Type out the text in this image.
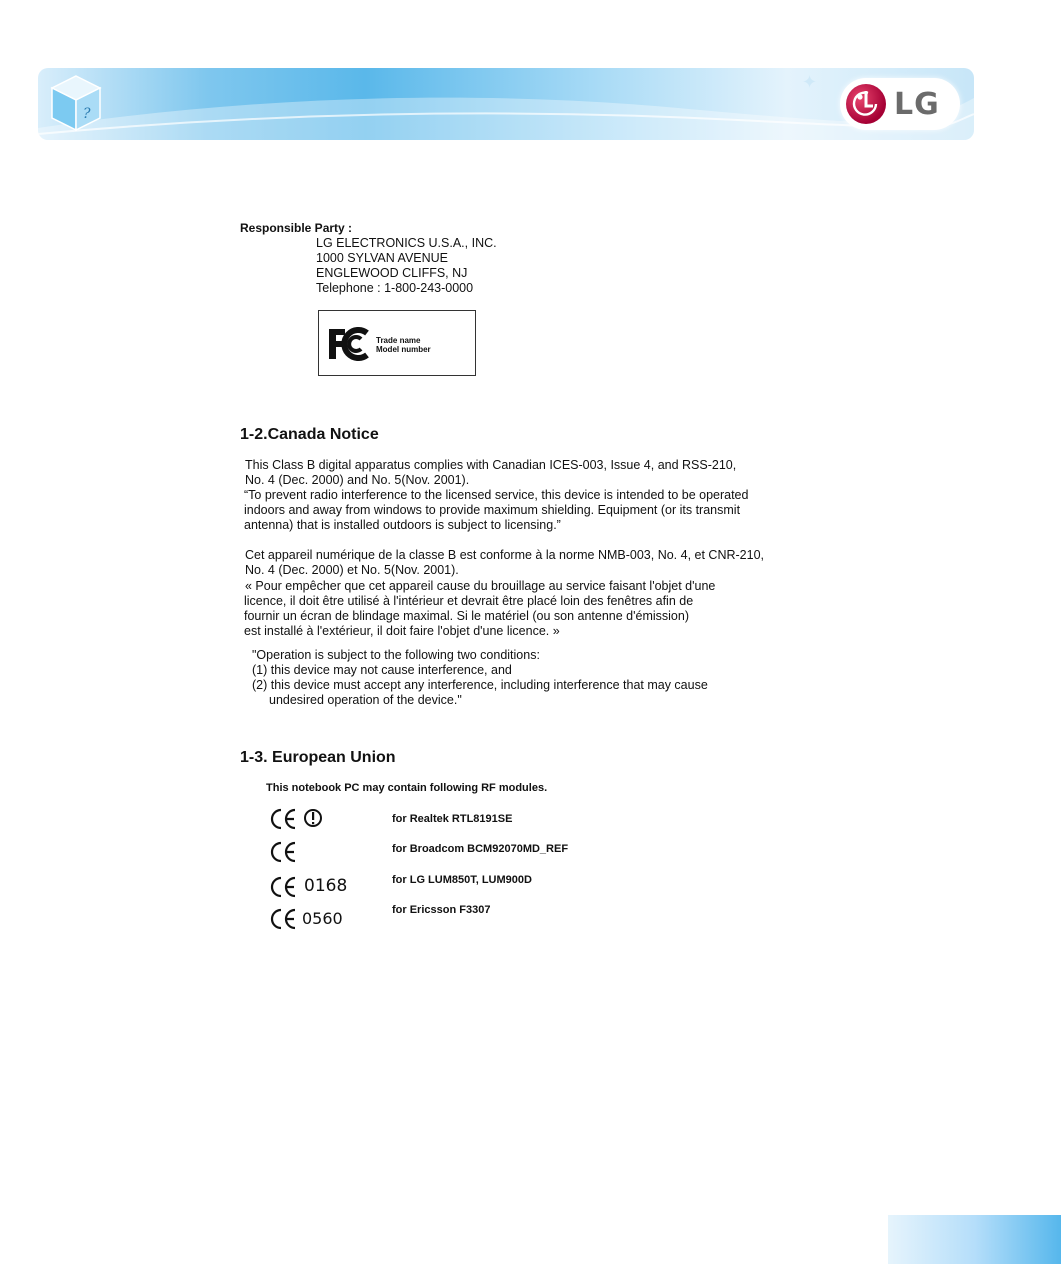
✦
?	LG
Responsible Party :
LG ELECTRONICS U.S.A., INC.
1000 SYLVAN AVENUE
ENGLEWOOD CLIFFS, NJ
Telephone : 1-800-243-0000
Trade name
Model number
1-2.Canada Notice
This Class B digital apparatus complies with Canadian ICES-003, Issue 4, and RSS-210,
No. 4 (Dec. 2000) and No. 5(Nov. 2001).
“To prevent radio interference to the licensed service, this device is intended to be operated
indoors and away from windows to provide maximum shielding. Equipment (or its transmit
antenna) that is installed outdoors is subject to licensing.”
Cet appareil numérique de la classe B est conforme à la norme NMB-003, No. 4, et CNR-210,
No. 4 (Dec. 2000) et No. 5(Nov. 2001).
« Pour empêcher que cet appareil cause du brouillage au service faisant l'objet d'une
licence, il doit être utilisé à l'intérieur et devrait être placé loin des fenêtres afin de
fournir un écran de blindage maximal. Si le matériel (ou son antenne d'émission)
est installé à l'extérieur, il doit faire l'objet d'une licence. »
"Operation is subject to the following two conditions:
(1) this device may not cause interference, and
(2) this device must accept any interference, including interference that may cause
undesired operation of the device."
1-3. European Union
This notebook PC may contain following RF modules.
for Realtek RTL8191SE
for Broadcom BCM92070MD_REF
0168	for LG LUM850T, LUM900D
0560	for Ericsson F3307
